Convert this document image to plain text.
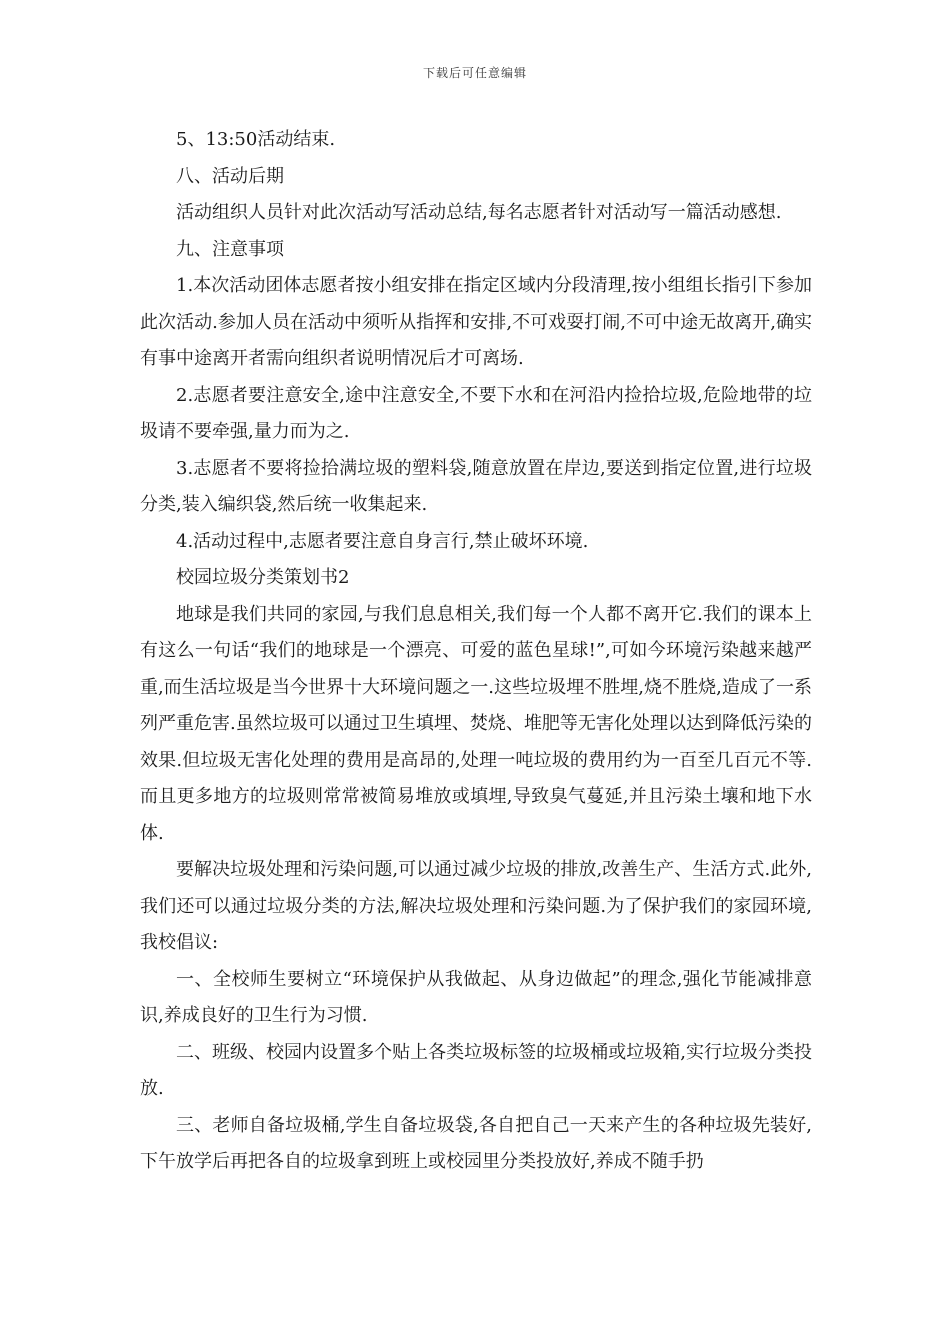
下载后可任意编辑

5、13:50活动结束.

八、活动后期

活动组织人员针对此次活动写活动总结,每名志愿者针对活动写一篇活动感想.

九、注意事项

1.本次活动团体志愿者按小组安排在指定区域内分段清理,按小组组长指引下参加此次活动.参加人员在活动中须听从指挥和安排,不可戏耍打闹,不可中途无故离开,确实有事中途离开者需向组织者说明情况后才可离场.

2.志愿者要注意安全,途中注意安全,不要下水和在河沿内捡拾垃圾,危险地带的垃圾请不要牵强,量力而为之.

3.志愿者不要将捡拾满垃圾的塑料袋,随意放置在岸边,要送到指定位置,进行垃圾分类,装入编织袋,然后统一收集起来.

4.活动过程中,志愿者要注意自身言行,禁止破坏环境.

校园垃圾分类策划书2

地球是我们共同的家园,与我们息息相关,我们每一个人都不离开它.我们的课本上有这么一句话“我们的地球是一个漂亮、可爱的蓝色星球!”,可如今环境污染越来越严重,而生活垃圾是当今世界十大环境问题之一.这些垃圾埋不胜埋,烧不胜烧,造成了一系列严重危害.虽然垃圾可以通过卫生填埋、焚烧、堆肥等无害化处理以达到降低污染的效果.但垃圾无害化处理的费用是高昂的,处理一吨垃圾的费用约为一百至几百元不等.而且更多地方的垃圾则常常被简易堆放或填埋,导致臭气蔓延,并且污染土壤和地下水体.

要解决垃圾处理和污染问题,可以通过减少垃圾的排放,改善生产、生活方式.此外,我们还可以通过垃圾分类的方法,解决垃圾处理和污染问题.为了保护我们的家园环境,我校倡议:

一、全校师生要树立“环境保护从我做起、从身边做起”的理念,强化节能减排意识,养成良好的卫生行为习惯.

二、班级、校园内设置多个贴上各类垃圾标签的垃圾桶或垃圾箱,实行垃圾分类投放.

三、老师自备垃圾桶,学生自备垃圾袋,各自把自己一天来产生的各种垃圾先装好,下午放学后再把各自的垃圾拿到班上或校园里分类投放好,养成不随手扔
